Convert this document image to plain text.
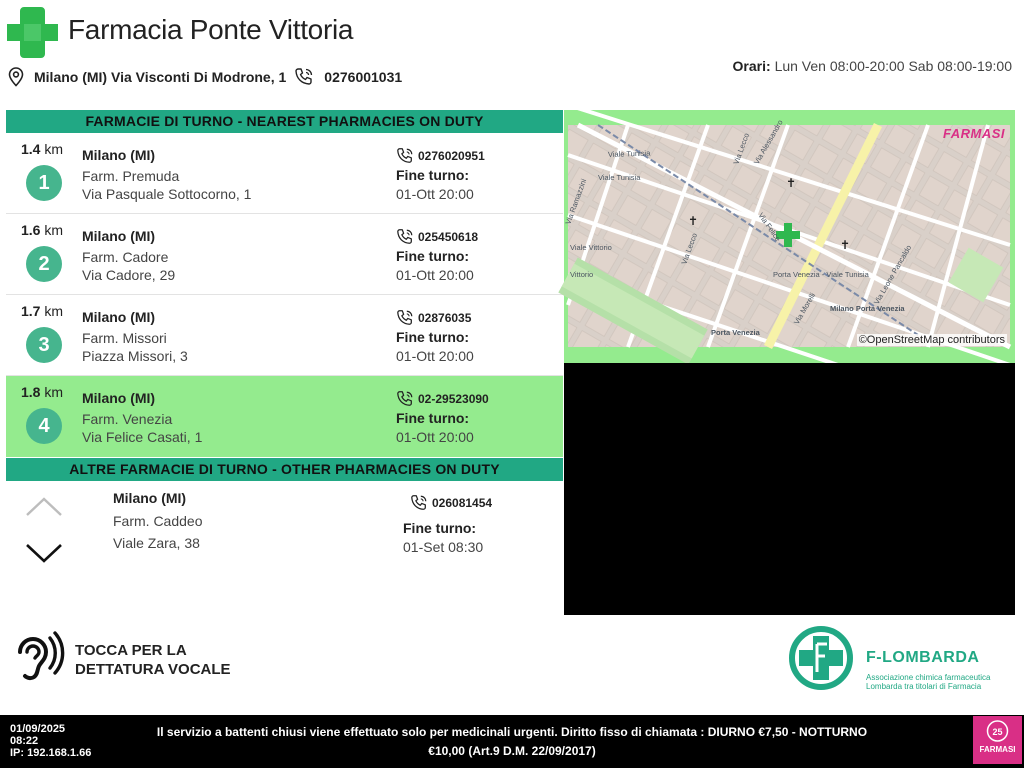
Farmacia Ponte Vittoria
Milano (MI) Via Visconti Di Modrone, 1	0276001031
Orari: Lun Ven 08:00-20:00 Sab 08:00-19:00
FARMACIE DI TURNO - NEAREST PHARMACIES ON DUTY
1.4 km
1
Milano (MI)
Farm. Premuda
Via Pasquale Sottocorno, 1
0276020951
Fine turno:
01-Ott 20:00
1.6 km
2
Milano (MI)
Farm. Cadore
Via Cadore, 29
025450618
Fine turno:
01-Ott 20:00
1.7 km
3
Milano (MI)
Farm. Missori
Piazza Missori, 3
02876035
Fine turno:
01-Ott 20:00
1.8 km
4
Milano (MI)
Farm. Venezia
Via Felice Casati, 1
02-29523090
Fine turno:
01-Ott 20:00
ALTRE FARMACIE DI TURNO - OTHER PHARMACIES ON DUTY
Milano (MI)
Farm. Caddeo
Viale Zara, 38
026081454
Fine turno:
01-Set 08:30
✝
✝
✝
Viale Tunisia
Viale Tunisia
Via Lecco
Via Lecco
Via Felice
Via Alessandro
Porta Venezia - Viale Tunisia
Porta Venezia
Milano Porta Venezia
Viale Vittorio	Via Leone Pancaldo
Via Morelli
Via Ramazzini
Vittorio
FARMASI
©OpenStreetMap contributors
TOCCA PER LA
DETTATURA VOCALE
F-LOMBARDA
Associazione chimica farmaceutica
Lombarda tra titolari di Farmacia
01/09/2025
08:22
IP: 192.168.1.66
Il servizio a battenti chiusi viene effettuato solo per medicinali urgenti. Diritto fisso di chiamata : DIURNO €7,50 - NOTTURNO €10,00 (Art.9 D.M. 22/09/2017)
25
FARMASI
